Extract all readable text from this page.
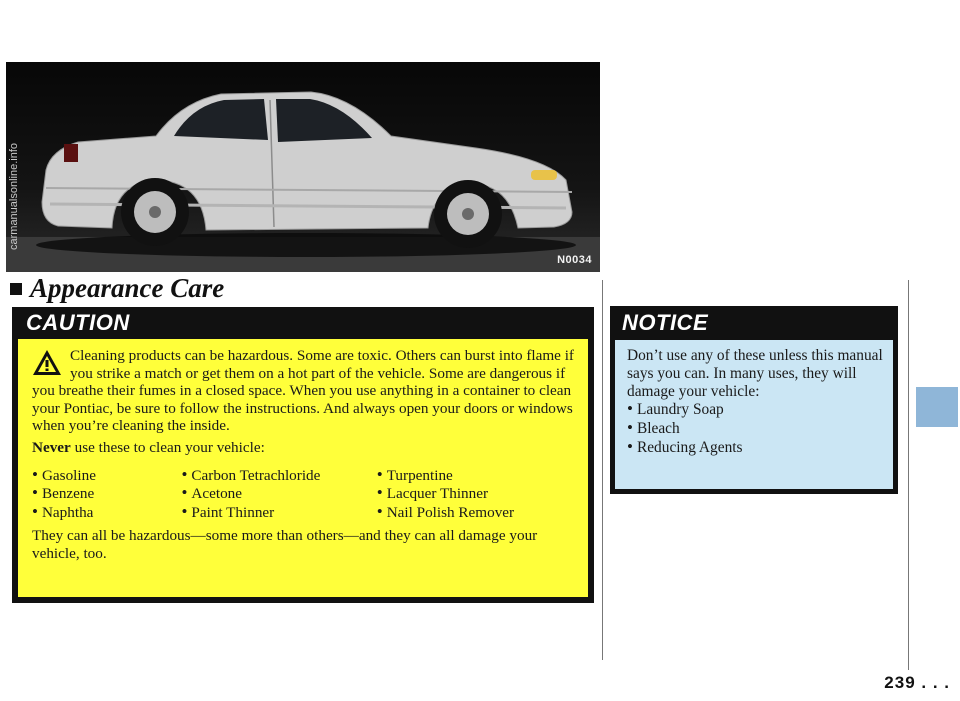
N0034
Appearance Care
CAUTION

Cleaning products can be hazardous. Some are toxic. Others can burst into flame if you strike a match or get them on a hot part of the vehicle. Some are dangerous if you breathe their fumes in a closed space. When you use anything in a container to clean your Pontiac, be sure to follow the instructions. And always open your doors or windows when you’re cleaning the inside.

Never use these to clean your vehicle:

• Gasoline
• Benzene
• Naphtha
• Carbon Tetrachloride
• Acetone
• Paint Thinner
• Turpentine
• Lacquer Thinner
• Nail Polish Remover

They can all be hazardous—some more than others—and they can all damage your vehicle, too.

NOTICE

Don’t use any of these unless this manual says you can. In many uses, they will damage your vehicle:

• Laundry Soap
• Bleach
• Reducing Agents
239 . . .
carmanualsonline.info
